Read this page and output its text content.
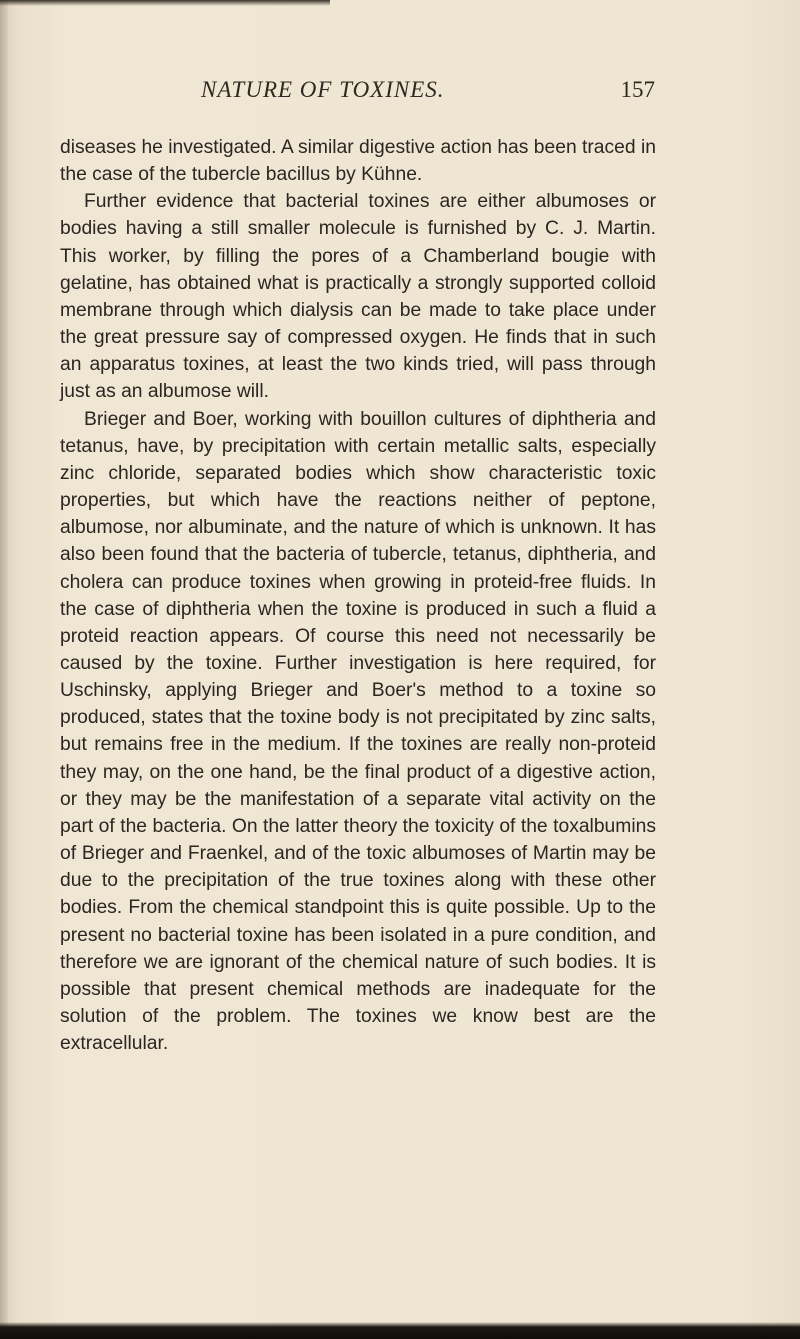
NATURE OF TOXINES.	157

diseases he investigated. A similar digestive action has been traced in the case of the tubercle bacillus by Kühne.

Further evidence that bacterial toxines are either albumoses or bodies having a still smaller molecule is furnished by C. J. Martin. This worker, by filling the pores of a Chamberland bougie with gelatine, has obtained what is practically a strongly supported colloid membrane through which dialysis can be made to take place under the great pressure say of compressed oxygen. He finds that in such an apparatus toxines, at least the two kinds tried, will pass through just as an albumose will.

Brieger and Boer, working with bouillon cultures of diphtheria and tetanus, have, by precipitation with certain metallic salts, especially zinc chloride, separated bodies which show characteristic toxic properties, but which have the reactions neither of peptone, albumose, nor albuminate, and the nature of which is unknown. It has also been found that the bacteria of tubercle, tetanus, diphtheria, and cholera can produce toxines when growing in proteid-free fluids. In the case of diphtheria when the toxine is produced in such a fluid a proteid reaction appears. Of course this need not necessarily be caused by the toxine. Further investigation is here required, for Uschinsky, applying Brieger and Boer's method to a toxine so produced, states that the toxine body is not precipitated by zinc salts, but remains free in the medium. If the toxines are really non-proteid they may, on the one hand, be the final product of a digestive action, or they may be the manifestation of a separate vital activity on the part of the bacteria. On the latter theory the toxicity of the toxalbumins of Brieger and Fraenkel, and of the toxic albumoses of Martin may be due to the precipitation of the true toxines along with these other bodies. From the chemical standpoint this is quite possible. Up to the present no bacterial toxine has been isolated in a pure condition, and therefore we are ignorant of the chemical nature of such bodies. It is possible that present chemical methods are inadequate for the solution of the problem. The toxines we know best are the extracellular.
